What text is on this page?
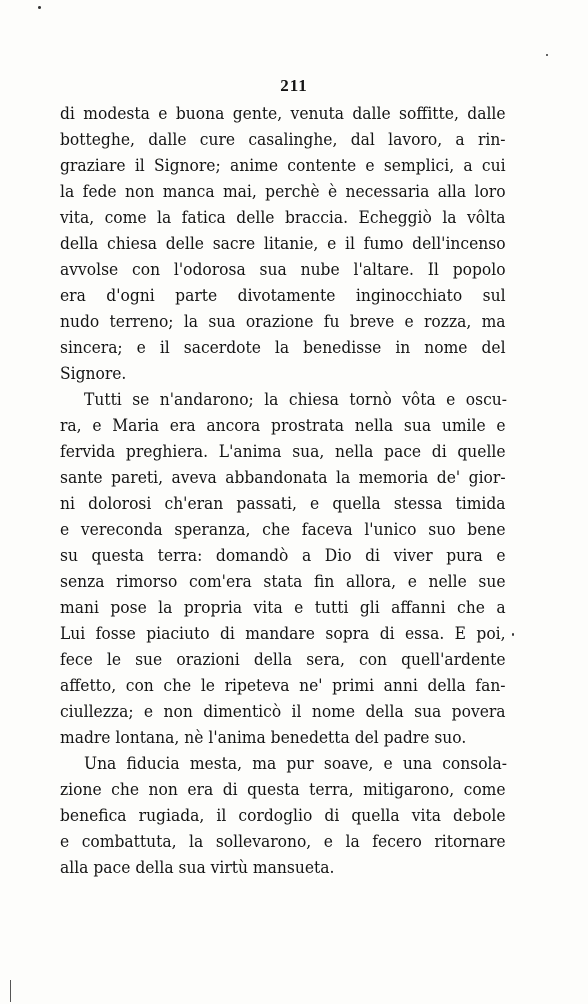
211
di modesta e buona gente, venuta dalle soffitte, dalle
botteghe, dalle cure casalinghe, dal lavoro, a rin-
graziare il Signore; anime contente e semplici, a cui
la fede non manca mai, perchè è necessaria alla loro
vita, come la fatica delle braccia. Echeggiò la vôlta
della chiesa delle sacre litanie, e il fumo dell'incenso
avvolse con l'odorosa sua nube l'altare. Il popolo
era d'ogni parte divotamente inginocchiato sul
nudo terreno; la sua orazione fu breve e rozza, ma
sincera; e il sacerdote la benedisse in nome del
Signore.
Tutti se n'andarono; la chiesa tornò vôta e oscu-
ra, e Maria era ancora prostrata nella sua umile e
fervida preghiera. L'anima sua, nella pace di quelle
sante pareti, aveva abbandonata la memoria de' gior-
ni dolorosi ch'eran passati, e quella stessa timida
e vereconda speranza, che faceva l'unico suo bene
su questa terra: domandò a Dio di viver pura e
senza rimorso com'era stata fin allora, e nelle sue
mani pose la propria vita e tutti gli affanni che a
Lui fosse piaciuto di mandare sopra di essa. E poi,
fece le sue orazioni della sera, con quell'ardente
affetto, con che le ripeteva ne' primi anni della fan-
ciullezza; e non dimenticò il nome della sua povera
madre lontana, nè l'anima benedetta del padre suo.
Una fiducia mesta, ma pur soave, e una consola-
zione che non era di questa terra, mitigarono, come
benefica rugiada, il cordoglio di quella vita debole
e combattuta, la sollevarono, e la fecero ritornare
alla pace della sua virtù mansueta.
